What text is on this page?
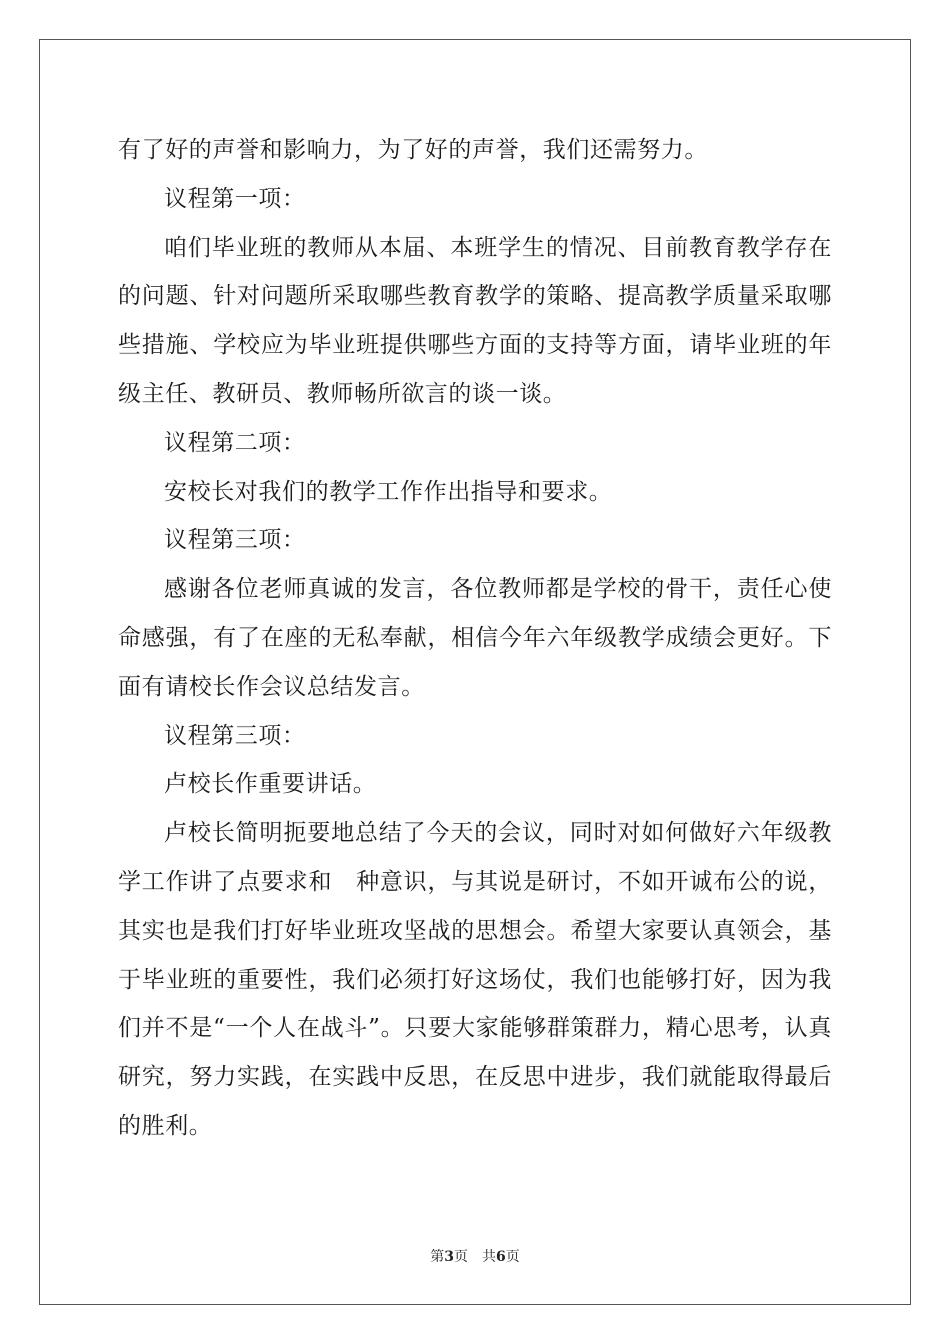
有了好的声誉和影响力，为了好的声誉，我们还需努力。

议程第一项：

咱们毕业班的教师从本届、本班学生的情况、目前教育教学存在的问题、针对问题所采取哪些教育教学的策略、提高教学质量采取哪些措施、学校应为毕业班提供哪些方面的支持等方面，请毕业班的年级主任、教研员、教师畅所欲言的谈一谈。

议程第二项：

安校长对我们的教学工作作出指导和要求。

议程第三项：

感谢各位老师真诚的发言，各位教师都是学校的骨干，责任心使命感强，有了在座的无私奉献，相信今年六年级教学成绩会更好。下面有请校长作会议总结发言。

议程第三项：

卢校长作重要讲话。

卢校长简明扼要地总结了今天的会议，同时对如何做好六年级教学工作讲了点要求和　种意识，与其说是研讨，不如开诚布公的说，其实也是我们打好毕业班攻坚战的思想会。希望大家要认真领会，基于毕业班的重要性，我们必须打好这场仗，我们也能够打好，因为我们并不是“一个人在战斗”。只要大家能够群策群力，精心思考，认真研究，努力实践，在实践中反思，在反思中进步，我们就能取得最后的胜利。

第3页 共6页
